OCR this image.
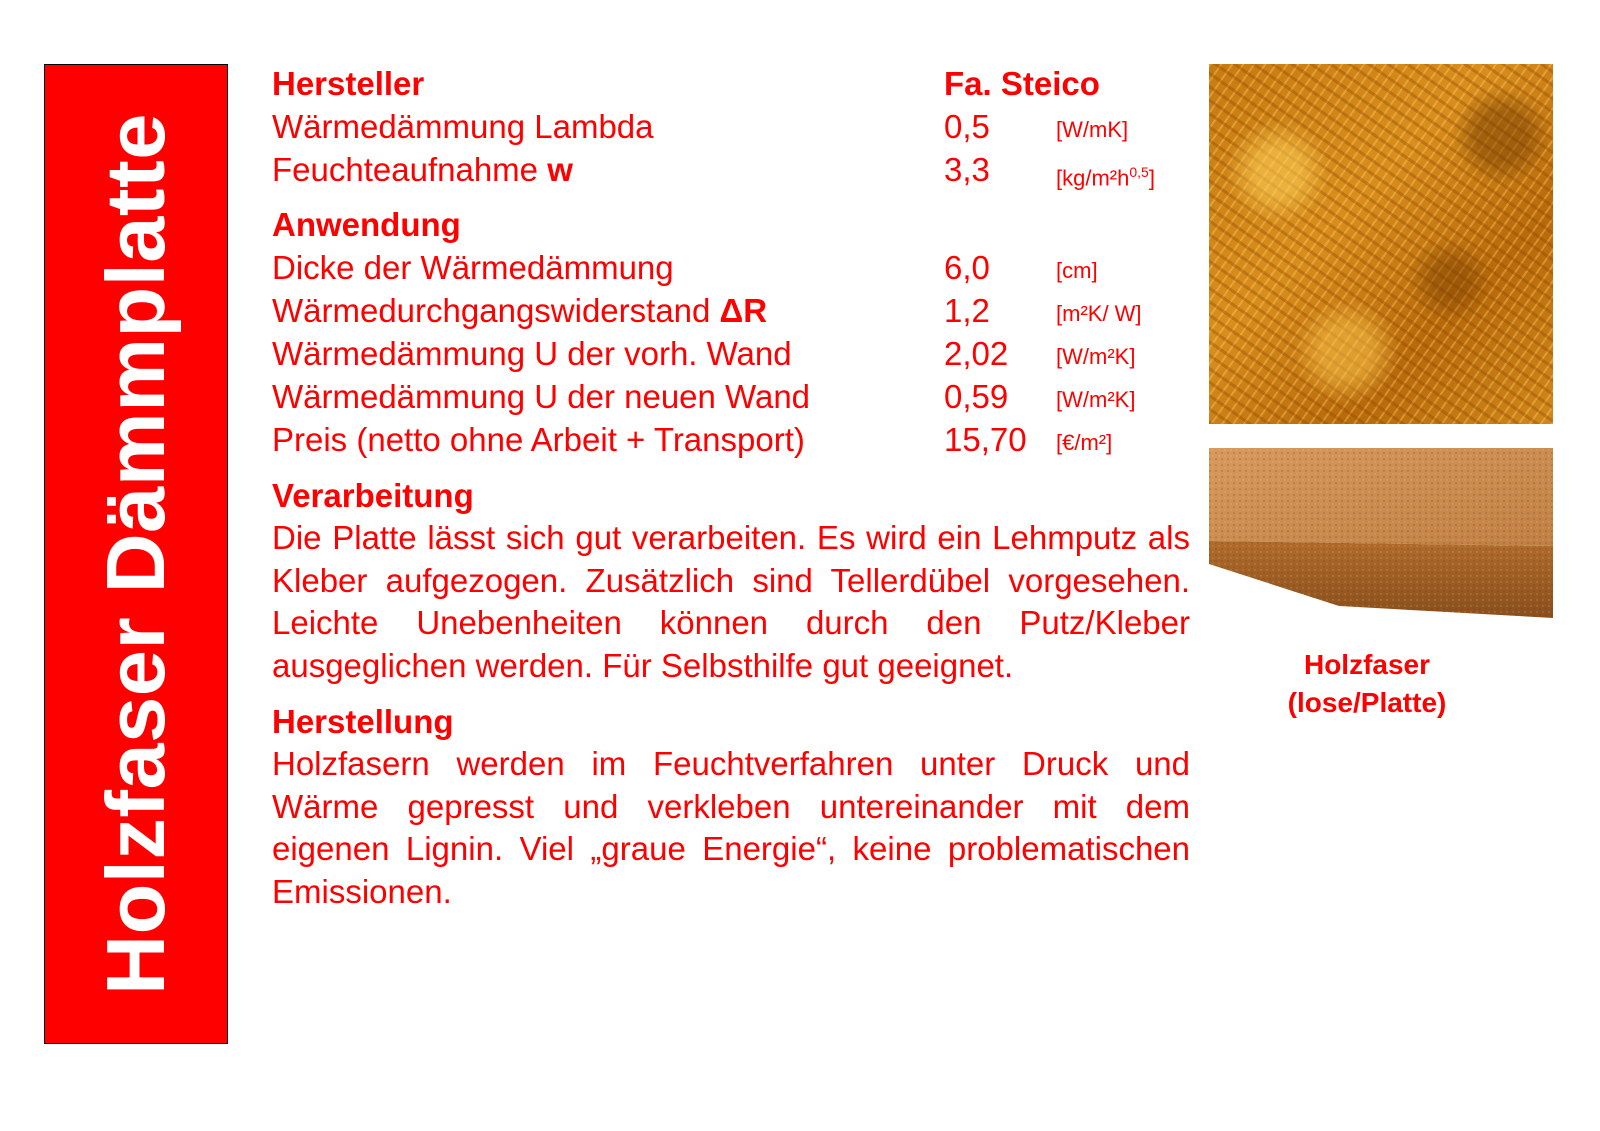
Holzfaser Dämmplatte
Hersteller	Fa. Steico
Wärmedämmung Lambda	0,5	[W/mK]
Feuchteaufnahme w	3,3	$[kg/m^2h^{0,5}]$
Anwendung
Dicke der Wärmedämmung	6,0	[cm]
Wärmedurchgangswiderstand ΔR	1,2	[m²K/ W]
Wärmedämmung U der vorh. Wand	2,02 [W/m²K]
Wärmedämmung U der neuen Wand	0,59 [W/m²K]
Preis (netto ohne Arbeit + Transport)	15,70 [€/m²]
Verarbeitung

Die Platte lässt sich gut verarbeiten. Es wird ein Lehmputz als Kleber aufgezogen. Zusätzlich sind Tellerdübel vorgesehen. Leichte Unebenheiten können durch den Putz/Kleber ausgeglichen werden. Für Selbsthilfe gut geeignet.

Herstellung

Holzfasern werden im Feuchtverfahren unter Druck und Wärme gepresst und verkleben untereinander mit dem eigenen Lignin. Viel „graue Energie“, keine problematischen Emissionen.

Holzfaser
(lose/Platte)
